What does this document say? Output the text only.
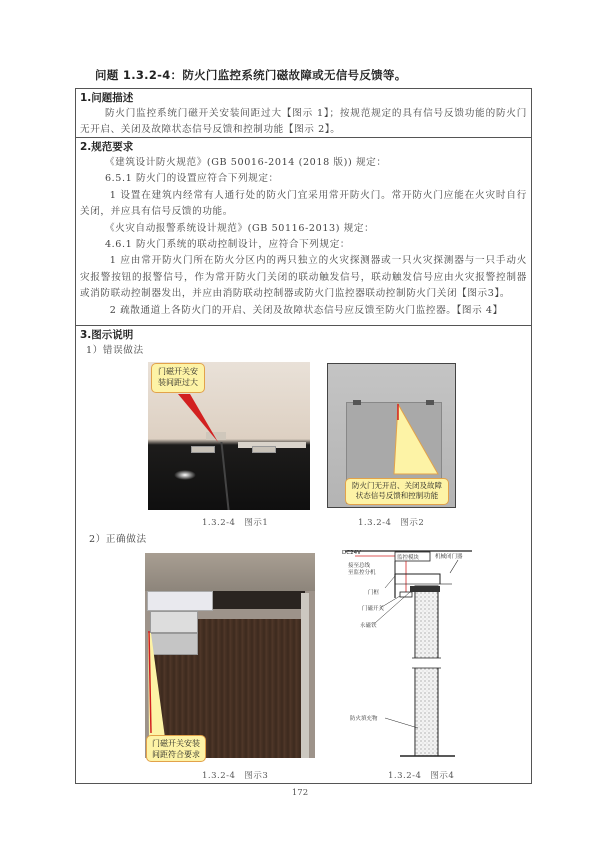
问题 1.3.2-4：防火门监控系统门磁故障或无信号反馈等。
1.问题描述
防火门监控系统门磁开关安装间距过大【图示 1】；按规范规定的具有信号反馈功能的防火门无开启、关闭及故障状态信号反馈和控制功能【图示 2】。
2.规范要求
《建筑设计防火规范》(GB 50016-2014 (2018 版)) 规定：
6.5.1 防火门的设置应符合下列规定：
1 设置在建筑内经常有人通行处的防火门宜采用常开防火门。常开防火门应能在火灾时自行关闭，并应具有信号反馈的功能。
《火灾自动报警系统设计规范》(GB 50116-2013) 规定：
4.6.1 防火门系统的联动控制设计，应符合下列规定：
1 应由常开防火门所在防火分区内的两只独立的火灾探测器或一只火灾探测器与一只手动火灾报警按钮的报警信号，作为常开防火门关闭的联动触发信号，联动触发信号应由火灾报警控制器或消防联动控制器发出，并应由消防联动控制器或防火门监控器联动控制防火门关闭【图示3】。
2 疏散通道上各防火门的开启、关闭及故障状态信号应反馈至防火门监控器。【图示 4】
3.图示说明
1）错误做法
门磁开关安装间距过大
1.3.2-4　图示1
防火门无开启、关闭及故障状态信号反馈和控制功能
1.3.2-4　图示2
2）正确做法
门磁开关安装间距符合要求
1.3.2-4　图示3
DC24V
监控模块
接至总线
至监控分机
机械闭门器
门框
门磁开关
永磁铁
防火填充物
1.3.2-4　图示4
172
